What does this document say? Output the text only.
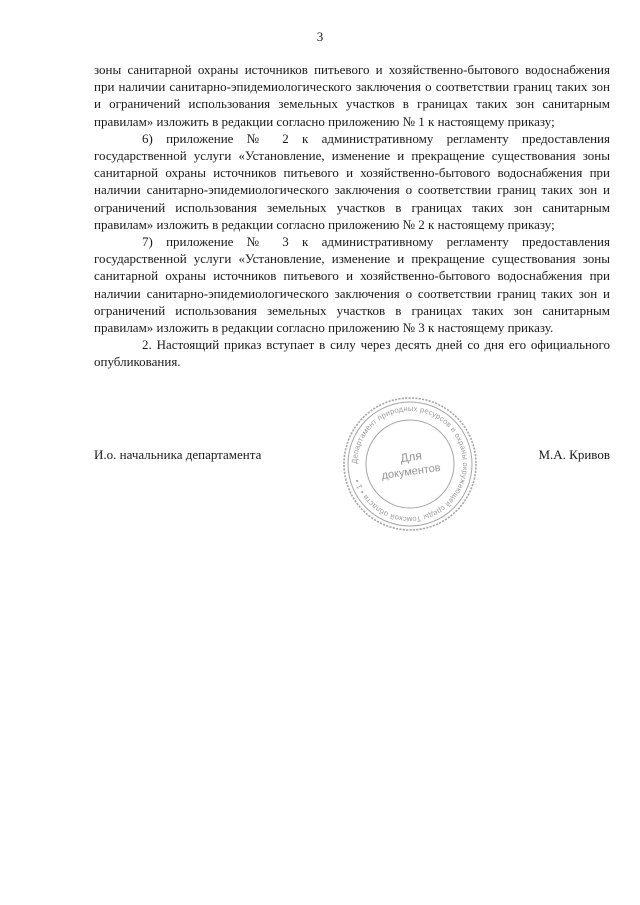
3

зоны санитарной охраны источников питьевого и хозяйственно-бытового водоснабжения при наличии санитарно-эпидемиологического заключения о соответствии границ таких зон и ограничений использования земельных участков в границах таких зон санитарным правилам» изложить в редакции согласно приложению № 1 к настоящему приказу;

6) приложение № 2 к административному регламенту предоставления государственной услуги «Установление, изменение и прекращение существования зоны санитарной охраны источников питьевого и хозяйственно-бытового водоснабжения при наличии санитарно-эпидемиологического заключения о соответствии границ таких зон и ограничений использования земельных участков в границах таких зон санитарным правилам» изложить в редакции согласно приложению № 2 к настоящему приказу;

7) приложение № 3 к административному регламенту предоставления государственной услуги «Установление, изменение и прекращение существования зоны санитарной охраны источников питьевого и хозяйственно-бытового водоснабжения при наличии санитарно-эпидемиологического заключения о соответствии границ таких зон и ограничений использования земельных участков в границах таких зон санитарным правилам» изложить в редакции согласно приложению № 3 к настоящему приказу.

2. Настоящий приказ вступает в силу через десять дней со дня его официального опубликования.

И.о. начальника департамента	М.А. Кривов
Департамент природных ресурсов и охраны окружающей среды Томской области • 1 •
Для
документов
